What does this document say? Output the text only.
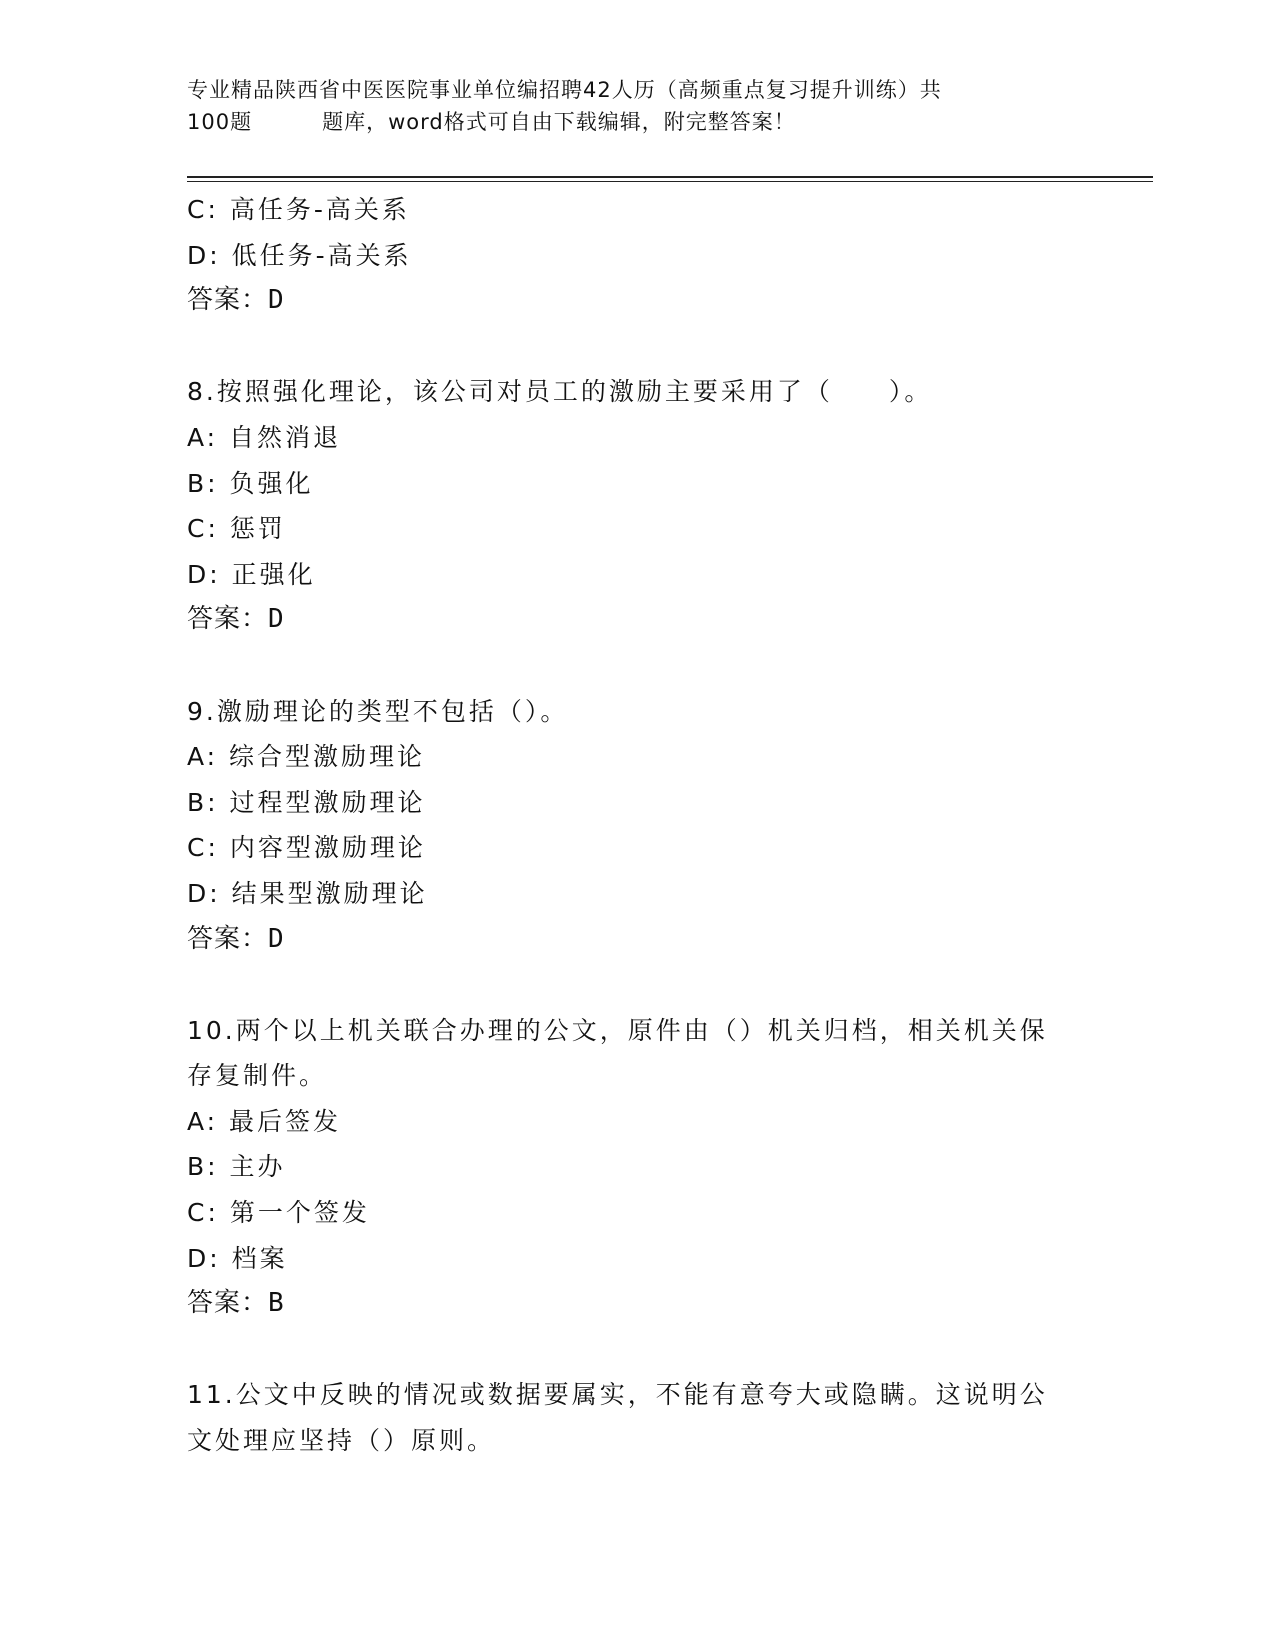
专业精品陕西省中医医院事业单位编招聘42人历（高频重点复习提升训练）共
100题	题库，word格式可自由下载编辑，附完整答案！
C: 高任务-高关系
D: 低任务-高关系
答案：D
8.按照强化理论，该公司对员工的激励主要采用了（　　）。
A: 自然消退
B: 负强化
C: 惩罚
D: 正强化
答案：D
9.激励理论的类型不包括（）。
A: 综合型激励理论
B: 过程型激励理论
C: 内容型激励理论
D: 结果型激励理论
答案：D
10.两个以上机关联合办理的公文，原件由（）机关归档，相关机关保
存复制件。
A: 最后签发
B: 主办
C: 第一个签发
D: 档案
答案：B
11.公文中反映的情况或数据要属实，不能有意夸大或隐瞒。这说明公
文处理应坚持（）原则。
